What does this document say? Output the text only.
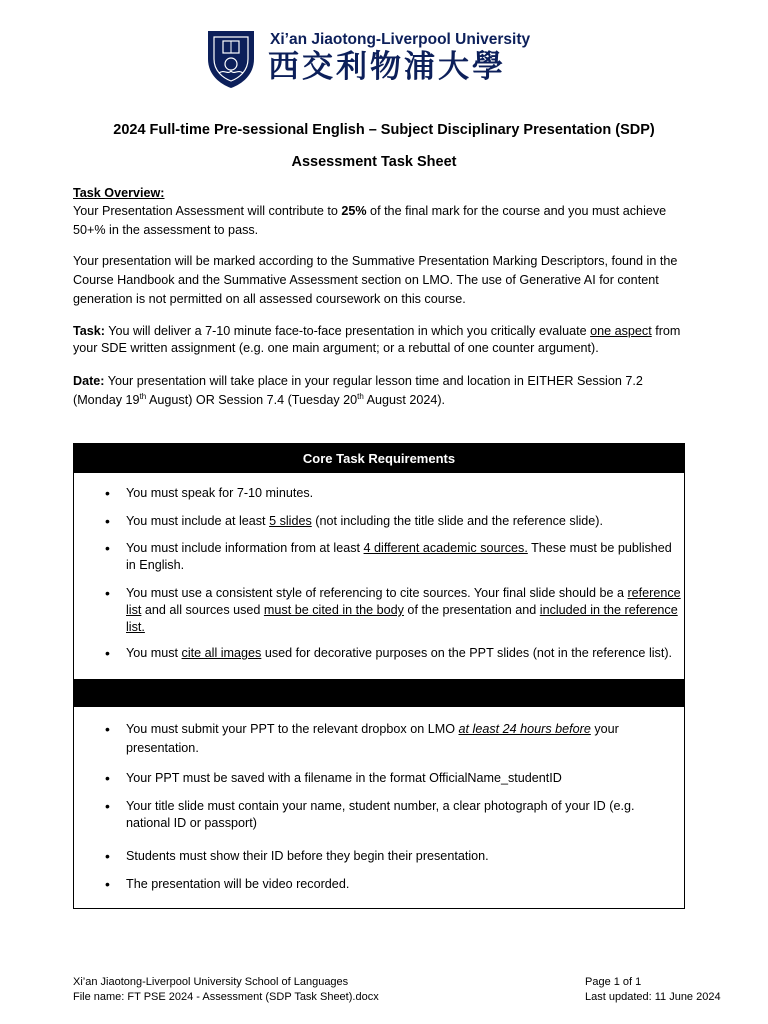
Xi’an Jiaotong-Liverpool University
西交利物浦大學
2024 Full-time Pre-sessional English – Subject Disciplinary Presentation (SDP)
Assessment Task Sheet
Task Overview:
Your Presentation Assessment will contribute to 25% of the final mark for the course and you must achieve 50+% in the assessment to pass.
Your presentation will be marked according to the Summative Presentation Marking Descriptors, found in the Course Handbook and the Summative Assessment section on LMO. The use of Generative AI for content generation is not permitted on all assessed coursework on this course.
Task: You will deliver a 7-10 minute face-to-face presentation in which you critically evaluate one aspect from your SDE written assignment (e.g. one main argument; or a rebuttal of one counter argument).
Date: Your presentation will take place in your regular lesson time and location in EITHER Session 7.2 (Monday 19th August) OR Session 7.4 (Tuesday 20th August 2024).
Core Task Requirements
• You must speak for 7-10 minutes.
• You must include at least 5 slides (not including the title slide and the reference slide).
• You must include information from at least 4 different academic sources. These must be published in English.
• You must use a consistent style of referencing to cite sources. Your final slide should be a reference list and all sources used must be cited in the body of the presentation and included in the reference list.
• You must cite all images used for decorative purposes on the PPT slides (not in the reference list).
• You must submit your PPT to the relevant dropbox on LMO at least 24 hours before your presentation.
• Your PPT must be saved with a filename in the format OfficialName_studentID
• Your title slide must contain your name, student number, a clear photograph of your ID (e.g. national ID or passport)
• Students must show their ID before they begin their presentation.
• The presentation will be video recorded.
Xi’an Jiaotong-Liverpool University School of Languages
File name: FT PSE 2024 - Assessment (SDP Task Sheet).docx
Page 1 of 1
Last updated: 11 June 2024
